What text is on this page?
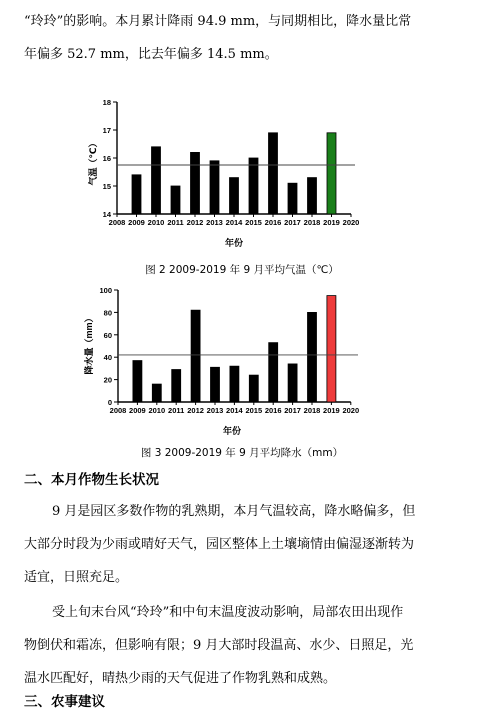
“玲玲”的影响。本月累计降雨 94.9 mm，与同期相比，降水量比常

年偏多 52.7 mm，比去年偏多 14.5 mm。

18
17
16
15
14
2008 2009 2010 2011 2012 2013 2014 2015 2016 2017 2018 2019 2020
气温（℃）
年份

图 2 2009-2019 年 9 月平均气温（℃）

100
80
60
40
20
0
2008 2009 2010 2011 2012 2013 2014 2015 2016 2017 2018 2019 2020
降水量（mm）
年份

图 3 2009-2019 年 9 月平均降水（mm）

二、本月作物生长状况

9 月是园区多数作物的乳熟期，本月气温较高，降水略偏多，但

大部分时段为少雨或晴好天气，园区整体上土壤墒情由偏湿逐渐转为

适宜，日照充足。

受上旬末台风“玲玲”和中旬末温度波动影响，局部农田出现作

物倒伏和霜冻，但影响有限；9 月大部时段温高、水少、日照足，光

温水匹配好，晴热少雨的天气促进了作物乳熟和成熟。

三、农事建议
